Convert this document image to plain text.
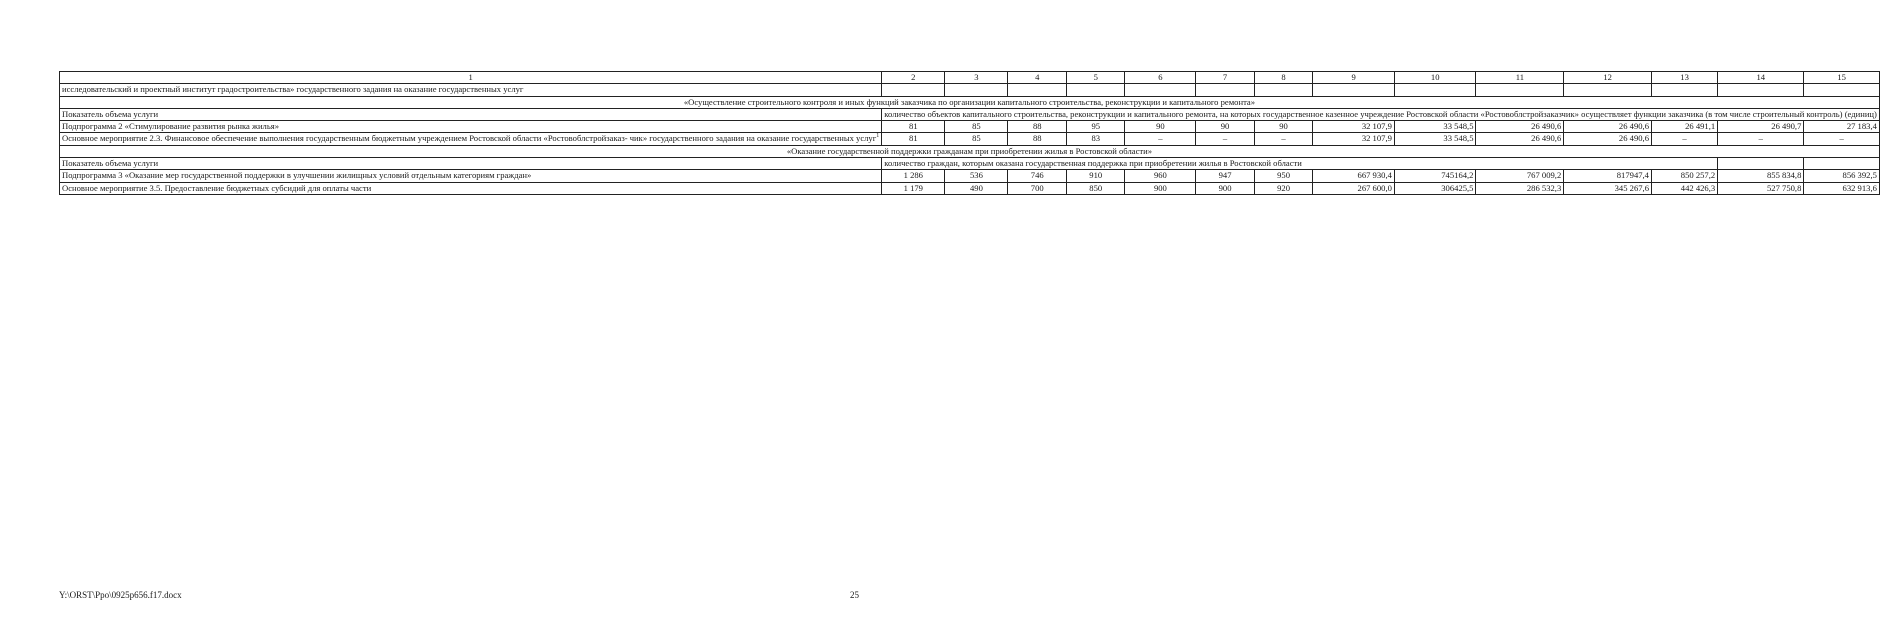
1	2	3	4	5	6	7	8	9	10	11	12	13	14	15
исследовательский и проектный институт градостроительства» государственного задания на оказание государственных услуг														
«Осуществление строительного контроля и иных функций заказчика по организации капитального строительства, реконструкции и капитального ремонта»														
Показатель объема услуги	количество объектов капитального строительства, реконструкции и капитального ремонта, на которых государственное казенное учреждение Ростовской области «Ростовоблстройзаказчик» осуществляет функции заказчика (в том числе строительный контроль) (единиц)													
Подпрограмма 2 «Стимулирование развития рынка жилья»	81	85	88	95	90	90	90	32 107,9	33 548,5	26 490,6	26 490,6	26 491,1	26 490,7	27 183,4
Основное мероприятие 2.3. Финансовое обеспечение выполнения государственным бюджетным учреждением Ростовской области «Ростовоблстройзаказ- чик» государственного задания на оказание государственных услуг$^1$	81	85	88	83	–	–	–	32 107,9	33 548,5	26 490,6	26 490,6	–	–	–
«Оказание государственной поддержки гражданам при приобретении жилья в Ростовской области»														
Показатель объема услуги	количество граждан, которым оказана государственная поддержка при приобретении жилья в Ростовской области													
Подпрограмма 3 «Оказание мер государственной поддержки в улучшении жилищных условий отдельным категориям граждан»	1 286	536	746	910	960	947	950	667 930,4	745164,2	767 009,2	817947,4	850 257,2	855 834,8	856 392,5
Основное мероприятие 3.5. Предоставление бюджетных субсидий для оплаты части	1 179	490	700	850	900	900	920	267 600,0	306425,5	286 532,3	345 267,6	442 426,3	527 750,8	632 913,6
Y:\ORST\Ppo\0925p656.f17.docx	25
